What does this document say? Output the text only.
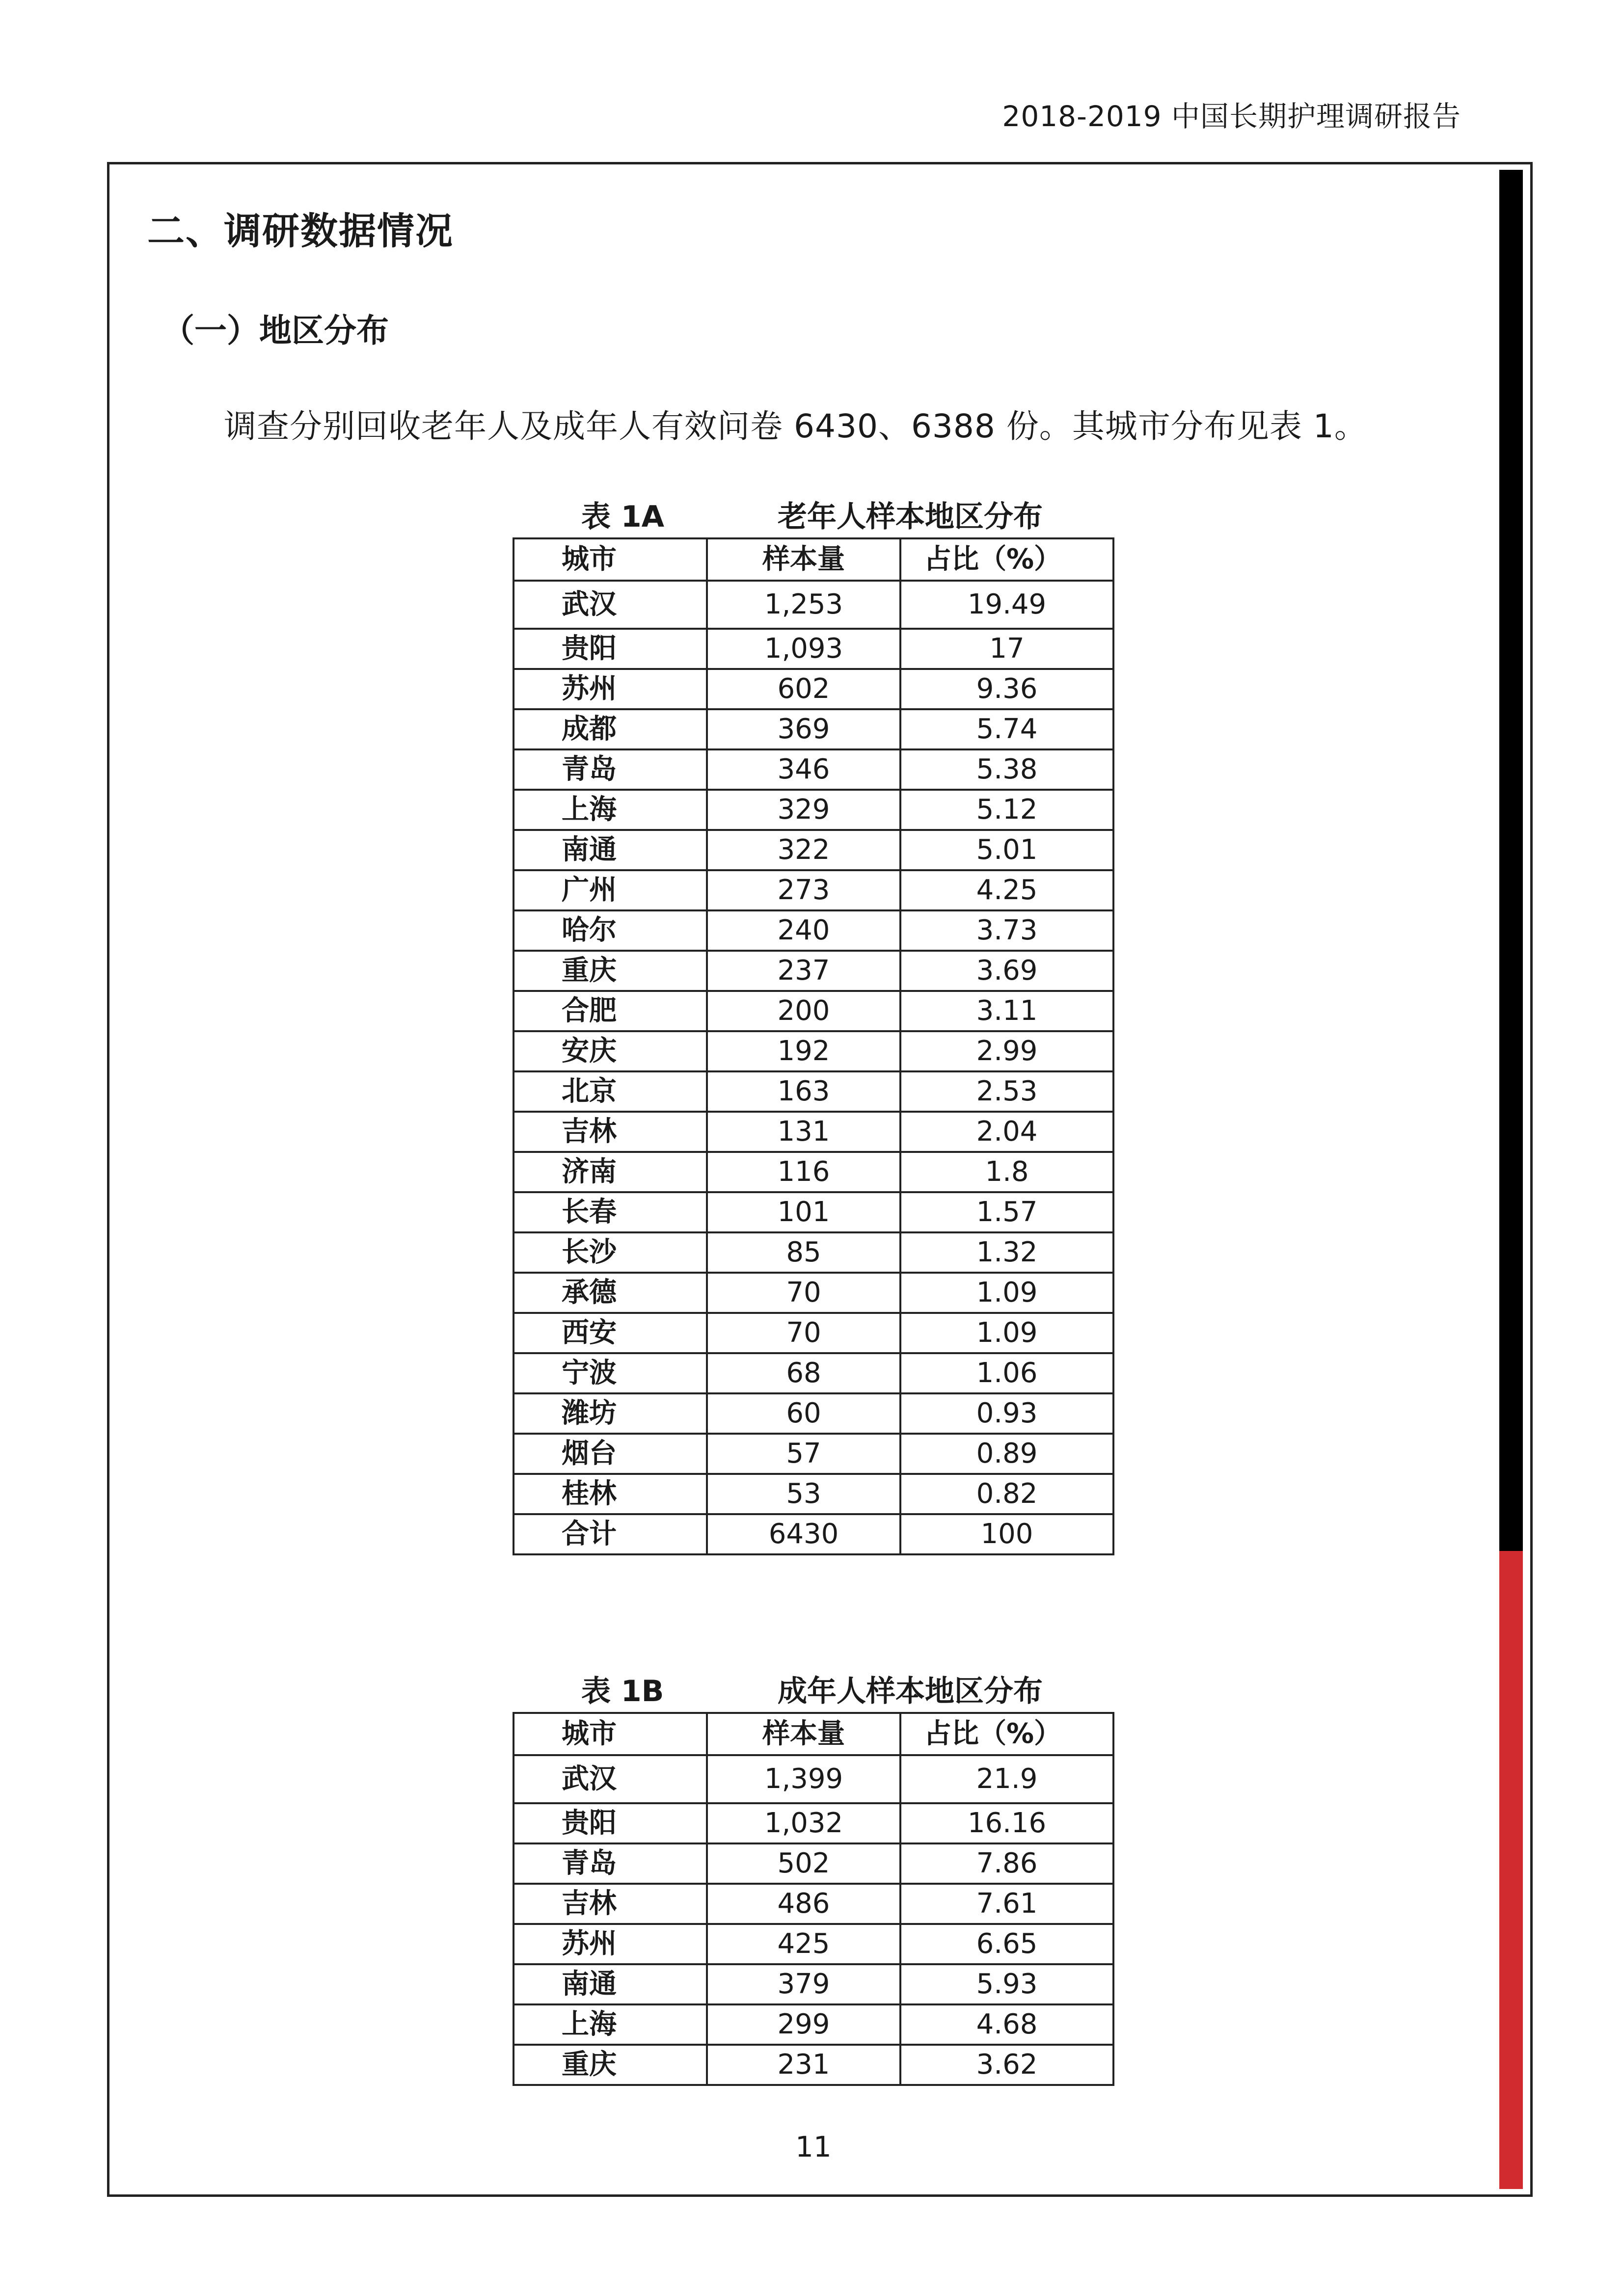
2018-2019 中国长期护理调研报告
二、调研数据情况
（一）地区分布
调查分别回收老年人及成年人有效问卷 6430、6388 份。其城市分布见表 1。
表 1A	老年人样本地区分布
城市	样本量	占比（%）
武汉	1,253	19.49
贵阳	1,093	17
苏州	602	9.36
成都	369	5.74
青岛	346	5.38
上海	329	5.12
南通	322	5.01
广州	273	4.25
哈尔	240	3.73
重庆	237	3.69
合肥	200	3.11
安庆	192	2.99
北京	163	2.53
吉林	131	2.04
济南	116	1.8
长春	101	1.57
长沙	85	1.32
承德	70	1.09
西安	70	1.09
宁波	68	1.06
潍坊	60	0.93
烟台	57	0.89
桂林	53	0.82
合计	6430	100
表 1B	成年人样本地区分布
城市	样本量	占比（%）
武汉	1,399	21.9
贵阳	1,032	16.16
青岛	502	7.86
吉林	486	7.61
苏州	425	6.65
南通	379	5.93
上海	299	4.68
重庆	231	3.62
11
